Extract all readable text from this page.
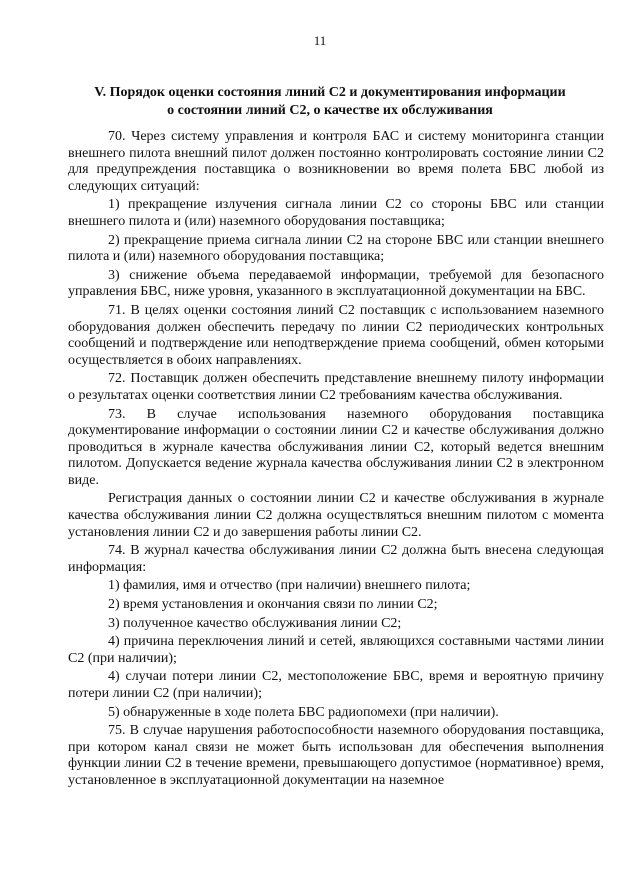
11
V. Порядок оценки состояния линий С2 и документирования информации
о состоянии линий С2, о качестве их обслуживания

70. Через систему управления и контроля БАС и систему мониторинга станции внешнего пилота внешний пилот должен постоянно контролировать состояние линии С2 для предупреждения поставщика о возникновении во время полета БВС любой из следующих ситуаций:

1) прекращение излучения сигнала линии С2 со стороны БВС или станции внешнего пилота и (или) наземного оборудования поставщика;

2) прекращение приема сигнала линии С2 на стороне БВС или станции внешнего пилота и (или) наземного оборудования поставщика;

3) снижение объема передаваемой информации, требуемой для безопасного управления БВС, ниже уровня, указанного в эксплуатационной документации на БВС.

71. В целях оценки состояния линий С2 поставщик с использованием наземного оборудования должен обеспечить передачу по линии С2 периодических контрольных сообщений и подтверждение или неподтверждение приема сообщений, обмен которыми осуществляется в обоих направлениях.

72. Поставщик должен обеспечить представление внешнему пилоту информации о результатах оценки соответствия линии С2 требованиям качества обслуживания.

73. В случае использования наземного оборудования поставщика документирование информации о состоянии линии С2 и качестве обслуживания должно проводиться в журнале качества обслуживания линии С2, который ведется внешним пилотом. Допускается ведение журнала качества обслуживания линии С2 в электронном виде.

Регистрация данных о состоянии линии С2 и качестве обслуживания в журнале качества обслуживания линии С2 должна осуществляться внешним пилотом с момента установления линии С2 и до завершения работы линии С2.

74. В журнал качества обслуживания линии С2 должна быть внесена следующая информация:

1) фамилия, имя и отчество (при наличии) внешнего пилота;

2) время установления и окончания связи по линии С2;

3) полученное качество обслуживания линии С2;

4) причина переключения линий и сетей, являющихся составными частями линии С2 (при наличии);

4) случаи потери линии С2, местоположение БВС, время и вероятную причину потери линии С2 (при наличии);

5) обнаруженные в ходе полета БВС радиопомехи (при наличии).

75. В случае нарушения работоспособности наземного оборудования поставщика, при котором канал связи не может быть использован для обеспечения выполнения функции линии С2 в течение времени, превышающего допустимое (нормативное) время, установленное в эксплуатационной документации на наземное
